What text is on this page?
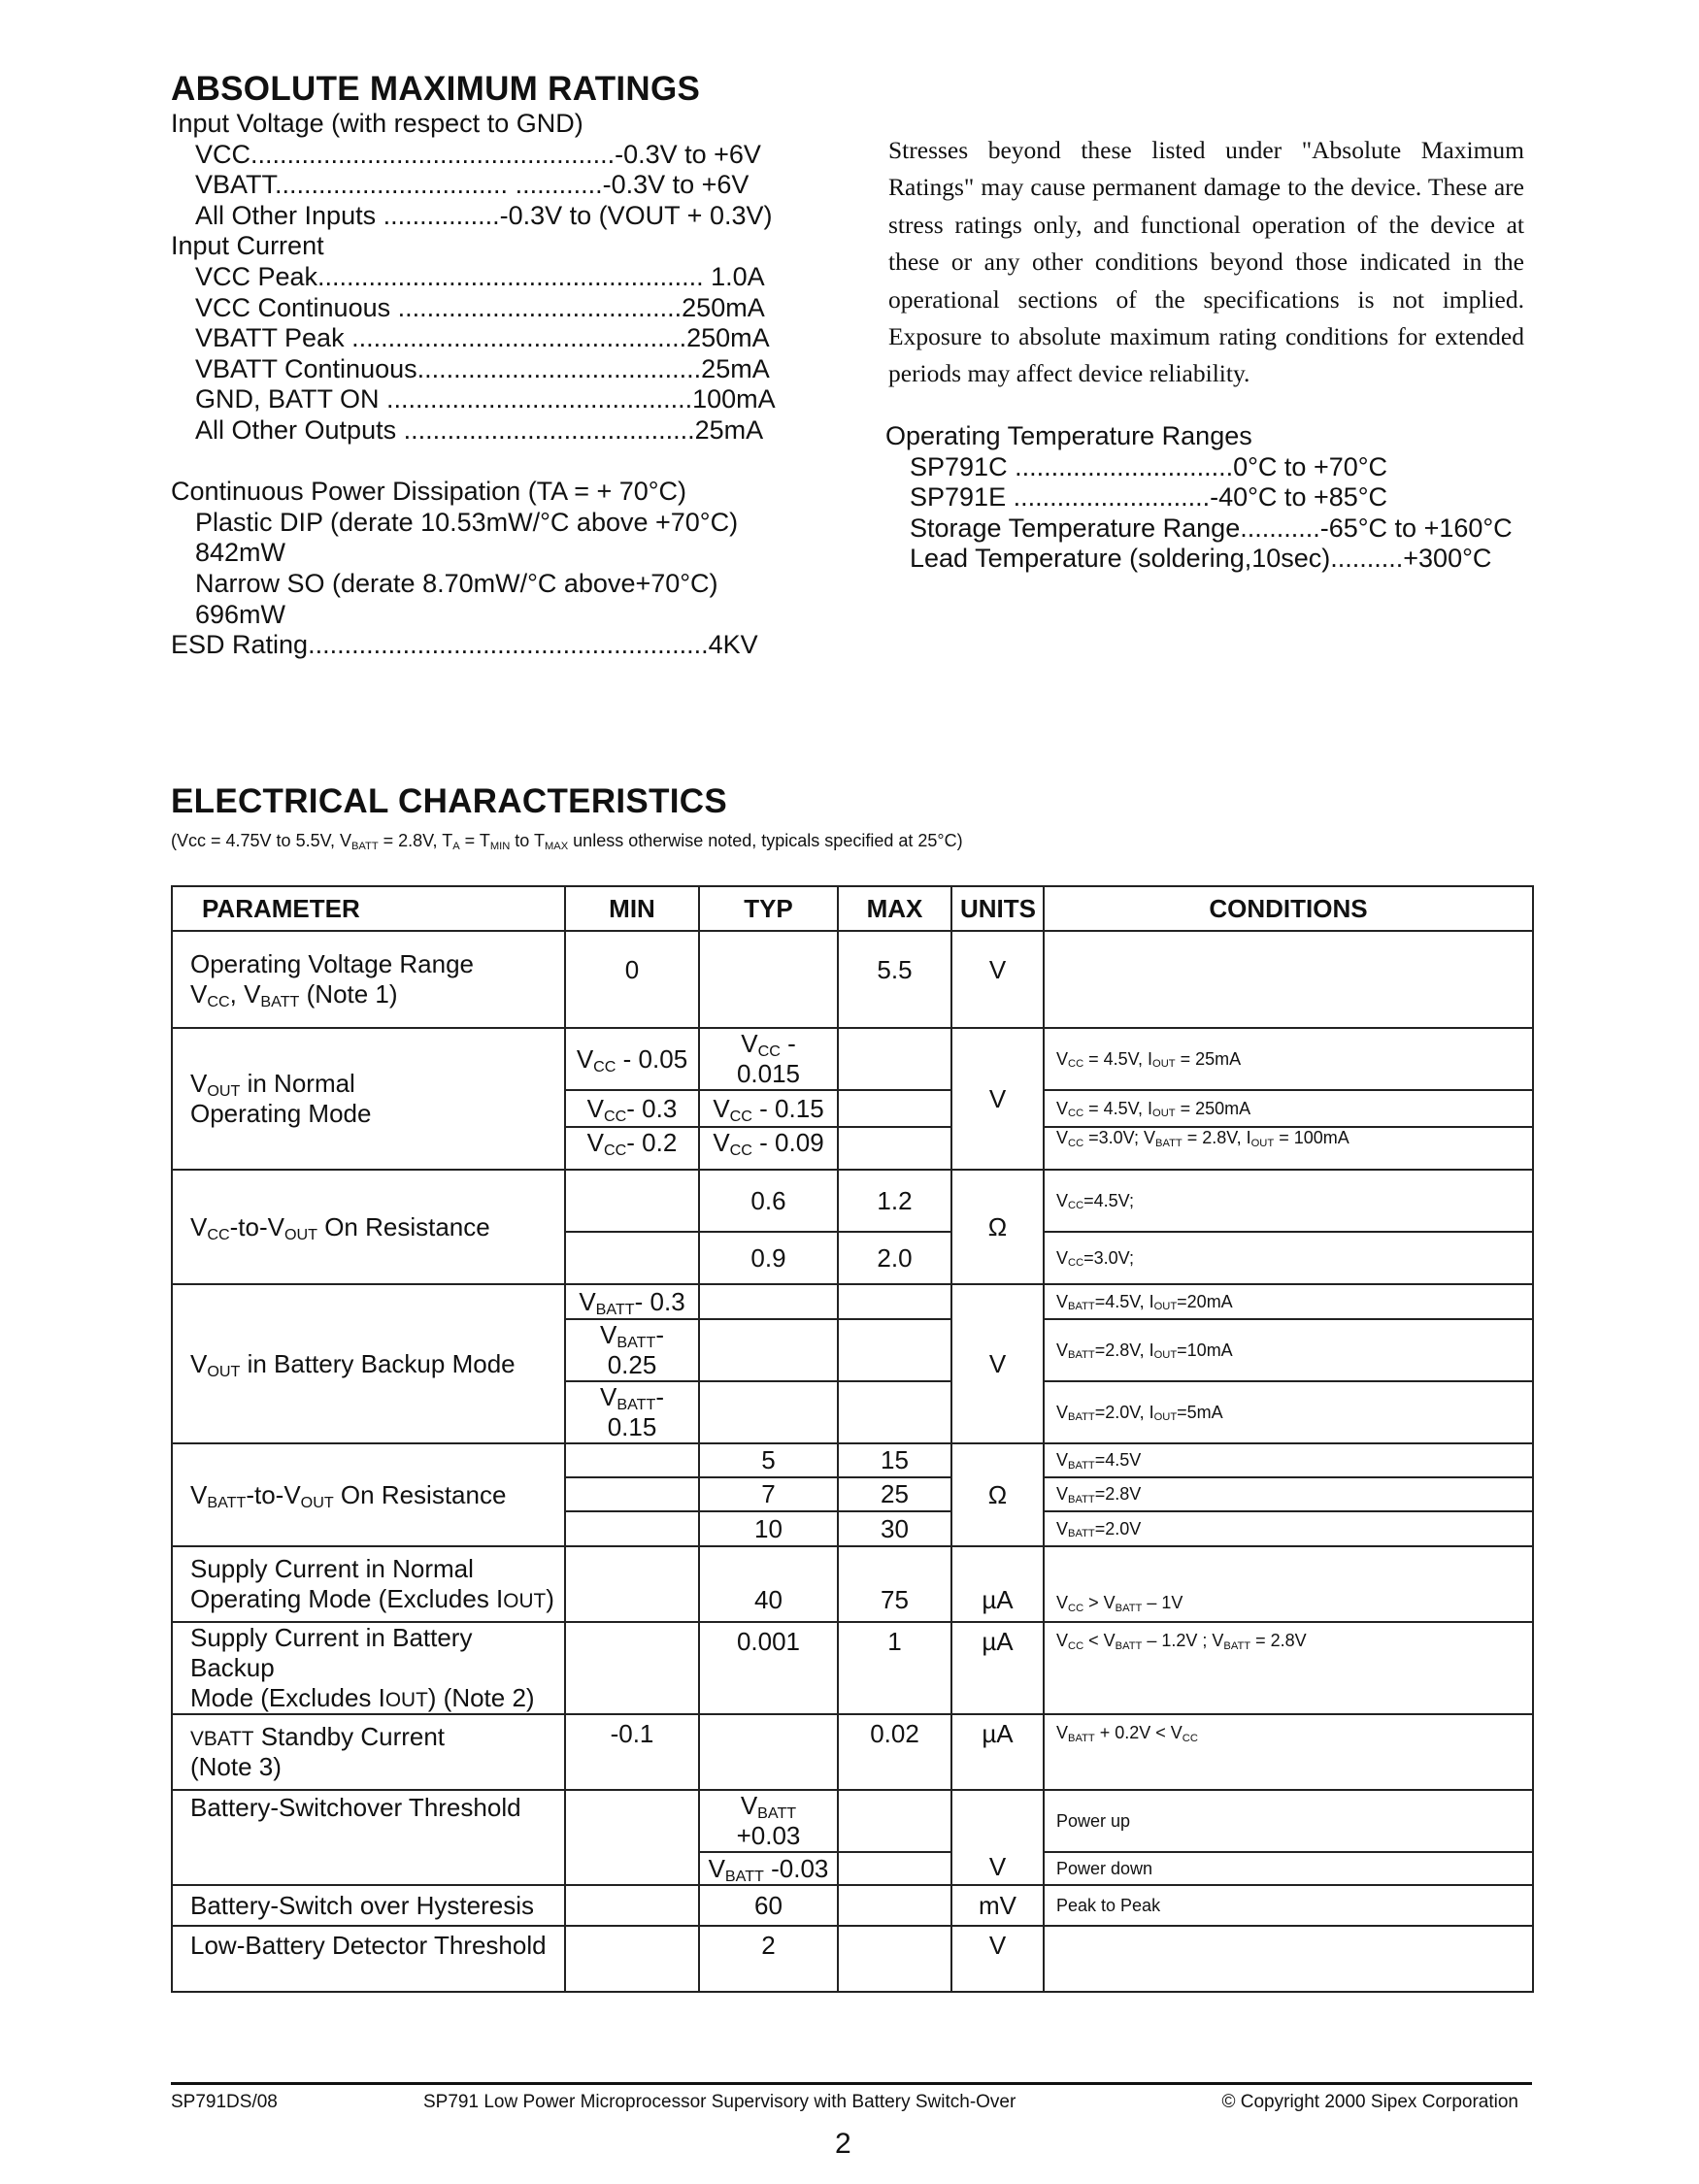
ABSOLUTE MAXIMUM RATINGS
Input Voltage (with respect to GND)
VCC..................................................-0.3V to +6V
VBATT................................ ............-0.3V to +6V
All Other Inputs ................-0.3V to (VOUT + 0.3V)
Input Current
VCC Peak..................................................... 1.0A
VCC Continuous .......................................250mA
VBATT Peak ..............................................250mA
VBATT Continuous.......................................25mA
GND, BATT ON ..........................................100mA
All Other Outputs ........................................25mA
Continuous Power Dissipation (TA = + 70°C)
Plastic DIP (derate 10.53mW/°C above +70°C)
842mW
Narrow SO (derate 8.70mW/°C above+70°C)
696mW
ESD Rating.......................................................4KV
Stresses beyond these listed under "Absolute Maximum Ratings" may cause permanent damage to the device. These are stress ratings only, and functional operation of the device at these or any other conditions beyond those indicated in the operational sections of the specifications is not implied. Exposure to absolute maximum rating conditions for extended periods may affect device reliability.
Operating Temperature Ranges
SP791C ..............................0°C to +70°C
SP791E ...........................-40°C to +85°C
Storage Temperature Range...........-65°C to +160°C
Lead Temperature (soldering,10sec)..........+300°C
ELECTRICAL CHARACTERISTICS
(Vcc = 4.75V to 5.5V, VBATT = 2.8V, TA = TMIN to TMAX unless otherwise noted, typicals specified at 25°C)
PARAMETER	MIN	TYP	MAX	UNITS	CONDITIONS
Operating Voltage Range
VCC, VBATT (Note 1)	0		5.5	V	
VOUT in Normal
Operating Mode	VCC - 0.05	VCC - 0.015		V	VCC = 4.5V, IOUT = 25mA
	VCC- 0.3	VCC - 0.15			VCC = 4.5V, IOUT = 250mA
	VCC- 0.2	VCC - 0.09			VCC =3.0V; VBATT = 2.8V, IOUT = 100mA
VCC-to-VOUT On Resistance		0.6	1.2	Ω	VCC=4.5V;
		0.9	2.0		VCC=3.0V;
VOUT in Battery Backup Mode	VBATT- 0.3			V	VBATT=4.5V, IOUT=20mA
	VBATT- 0.25				VBATT=2.8V, IOUT=10mA
	VBATT- 0.15				VBATT=2.0V, IOUT=5mA
VBATT-to-VOUT On Resistance		5	15	Ω	VBATT=4.5V
		7	25		VBATT=2.8V
		10	30		VBATT=2.0V
Supply Current in Normal
Operating Mode (Excludes IOUT)		40	75	µA	VCC > VBATT – 1V
Supply Current in Battery Backup
Mode (Excludes IOUT) (Note 2)		0.001	1	µA	VCC < VBATT – 1.2V ; VBATT = 2.8V
VBATT Standby Current
(Note 3)	-0.1		0.02	µA	VBATT + 0.2V < VCC
Battery-Switchover Threshold		VBATT +0.03		V	Power up
		VBATT -0.03			Power down
Battery-Switch over Hysteresis		60		mV	Peak to Peak
Low-Battery Detector Threshold		2		V	
SP791DS/08	SP791 Low Power Microprocessor Supervisory with Battery Switch-Over	© Copyright 2000 Sipex Corporation
2
